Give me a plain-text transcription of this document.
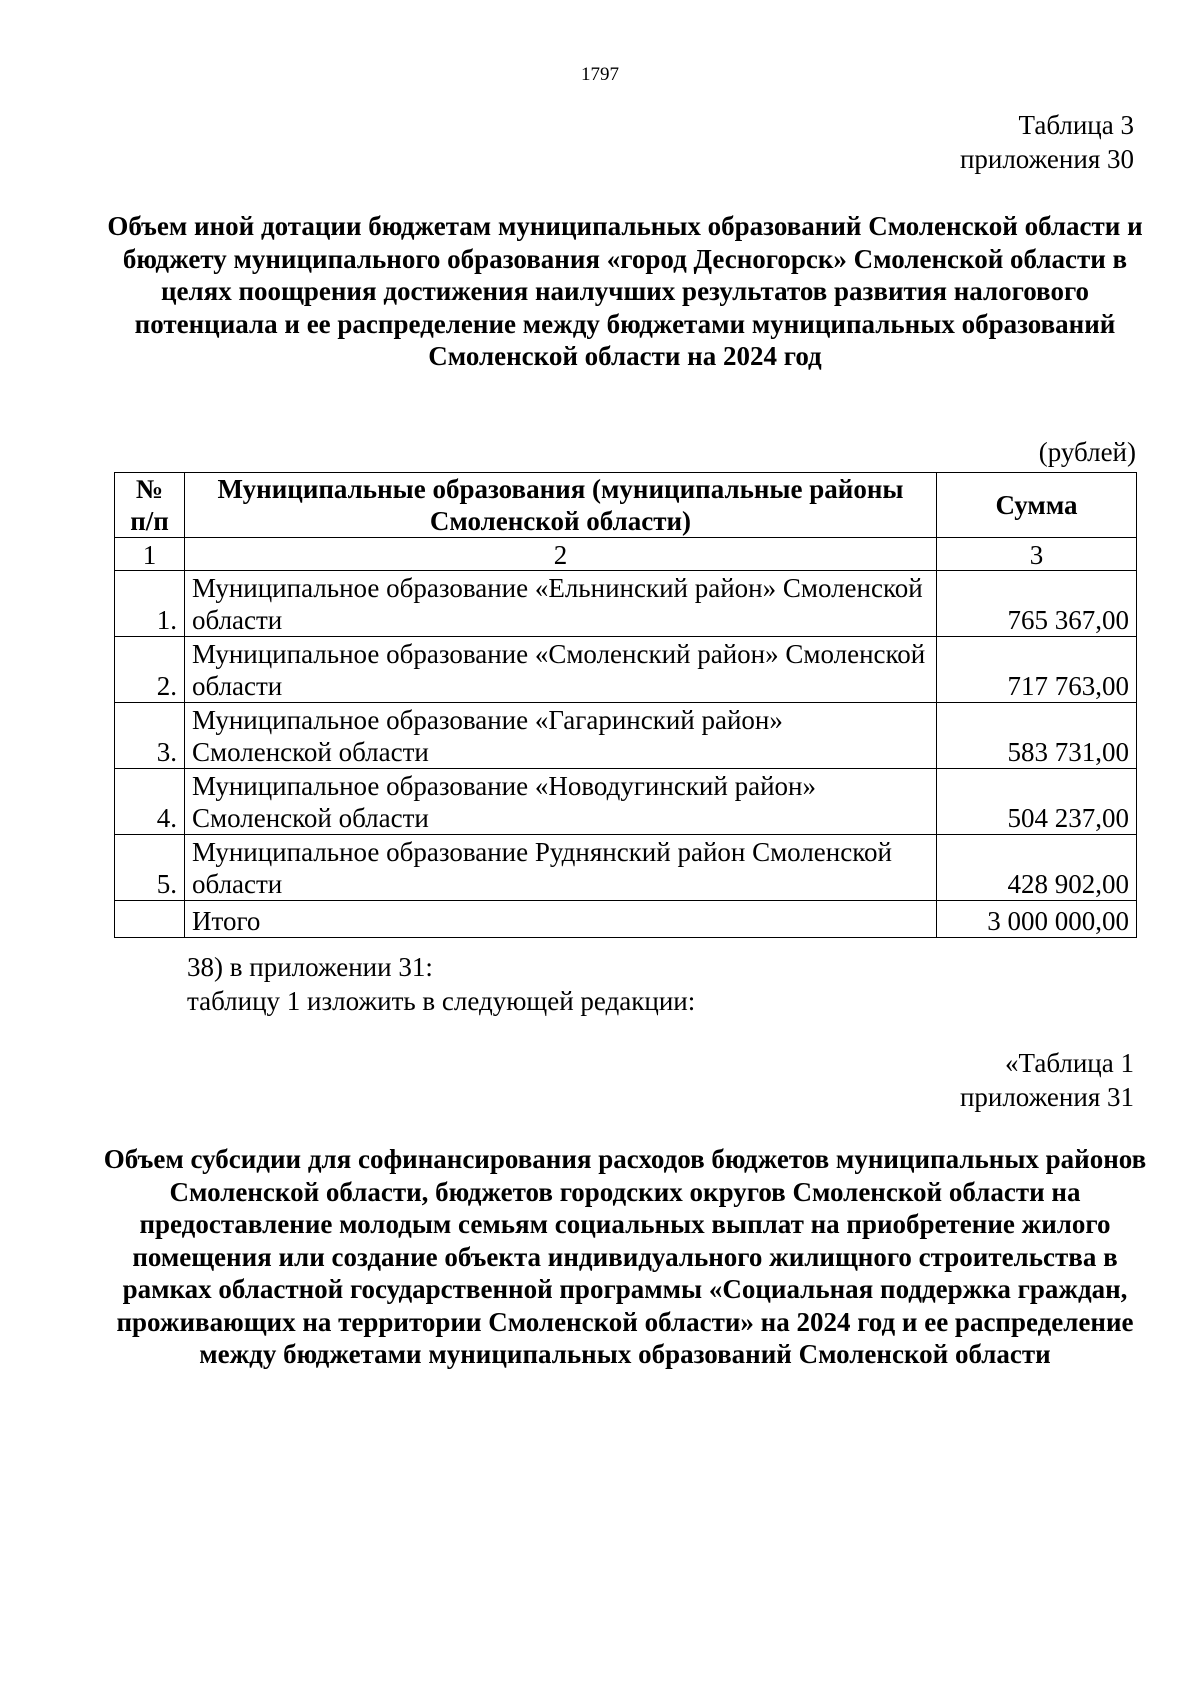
1797
Таблица 3
приложения 30
Объем иной дотации бюджетам муниципальных образований Смоленской области и бюджету муниципального образования «город Десногорск» Смоленской области в целях поощрения достижения наилучших результатов развития налогового потенциала и ее распределение между бюджетами муниципальных образований Смоленской области на 2024 год
(рублей)
№ п/п	Муниципальные образования (муниципальные районы Смоленской области)	Сумма
1	2	3
1.	Муниципальное образование «Ельнинский район» Смоленской области	765 367,00
2.	Муниципальное образование «Смоленский район» Смоленской области	717 763,00
3.	Муниципальное образование «Гагаринский район» Смоленской области	583 731,00
4.	Муниципальное образование «Новодугинский район» Смоленской области	504 237,00
5.	Муниципальное образование Руднянский район Смоленской области	428 902,00
	Итого	3 000 000,00
38) в приложении 31:
таблицу 1 изложить в следующей редакции:
«Таблица 1
приложения 31
Объем субсидии для софинансирования расходов бюджетов муниципальных районов Смоленской области, бюджетов городских округов Смоленской области на предоставление молодым семьям социальных выплат на приобретение жилого помещения или создание объекта индивидуального жилищного строительства в рамках областной государственной программы «Социальная поддержка граждан, проживающих на территории Смоленской области» на 2024 год и ее распределение между бюджетами муниципальных образований Смоленской области
